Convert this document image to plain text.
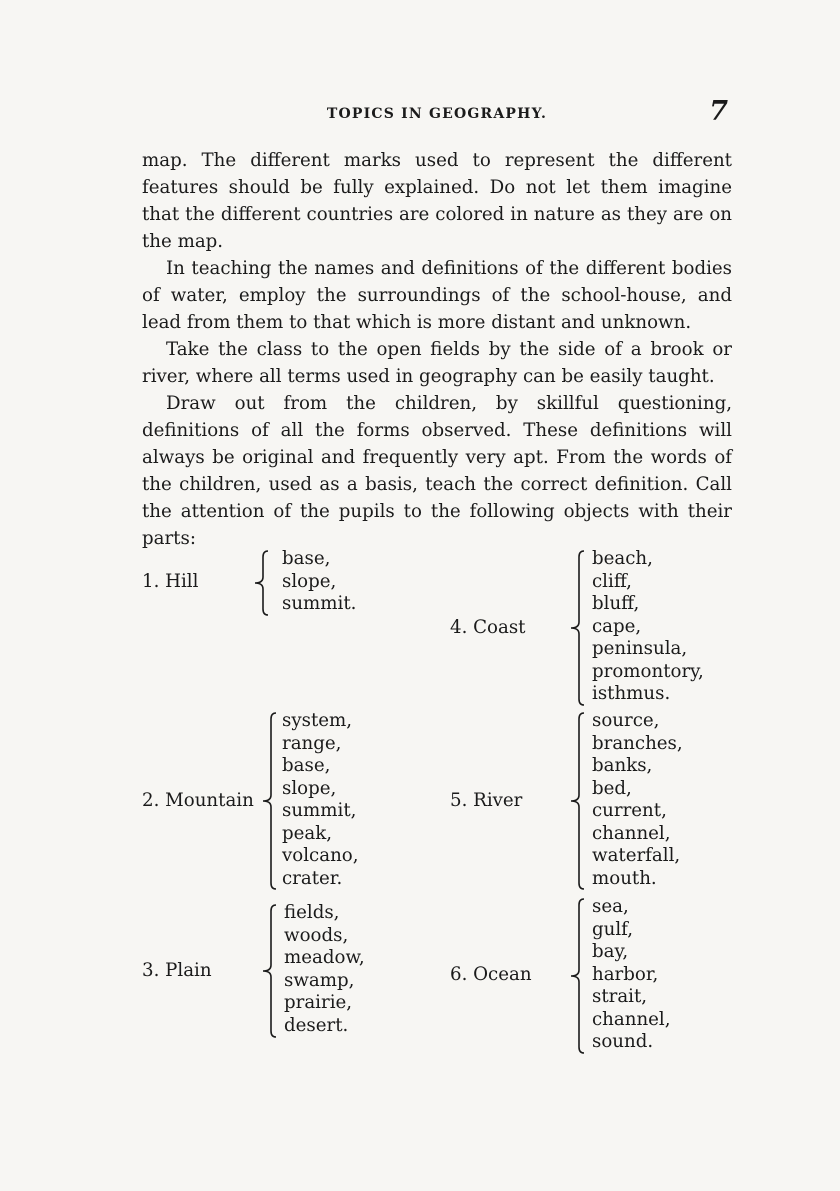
TOPICS IN GEOGRAPHY.	7

map. The different marks used to represent the different features should be fully explained. Do not let them imagine that the different countries are colored in nature as they are on the map.

In teaching the names and definitions of the different bodies of water, employ the surroundings of the school-house, and lead from them to that which is more distant and unknown.

Take the class to the open fields by the side of a brook or river, where all terms used in geography can be easily taught.

Draw out from the children, by skillful questioning, definitions of all the forms observed. These definitions will always be original and frequently very apt. From the words of the children, used as a basis, teach the correct definition. Call the attention of the pupils to the following objects with their parts:

1. Hill
base,
slope,
summit.
2. Mountain
system,
range,
base,
slope,
summit,
peak,
volcano,
crater.
3. Plain
fields,
woods,
meadow,
swamp,
prairie,
desert.
4. Coast
beach,
cliff,
bluff,
cape,
peninsula,
promontory,
isthmus.
5. River
source,
branches,
banks,
bed,
current,
channel,
waterfall,
mouth.
6. Ocean
sea,
gulf,
bay,
harbor,
strait,
channel,
sound.
